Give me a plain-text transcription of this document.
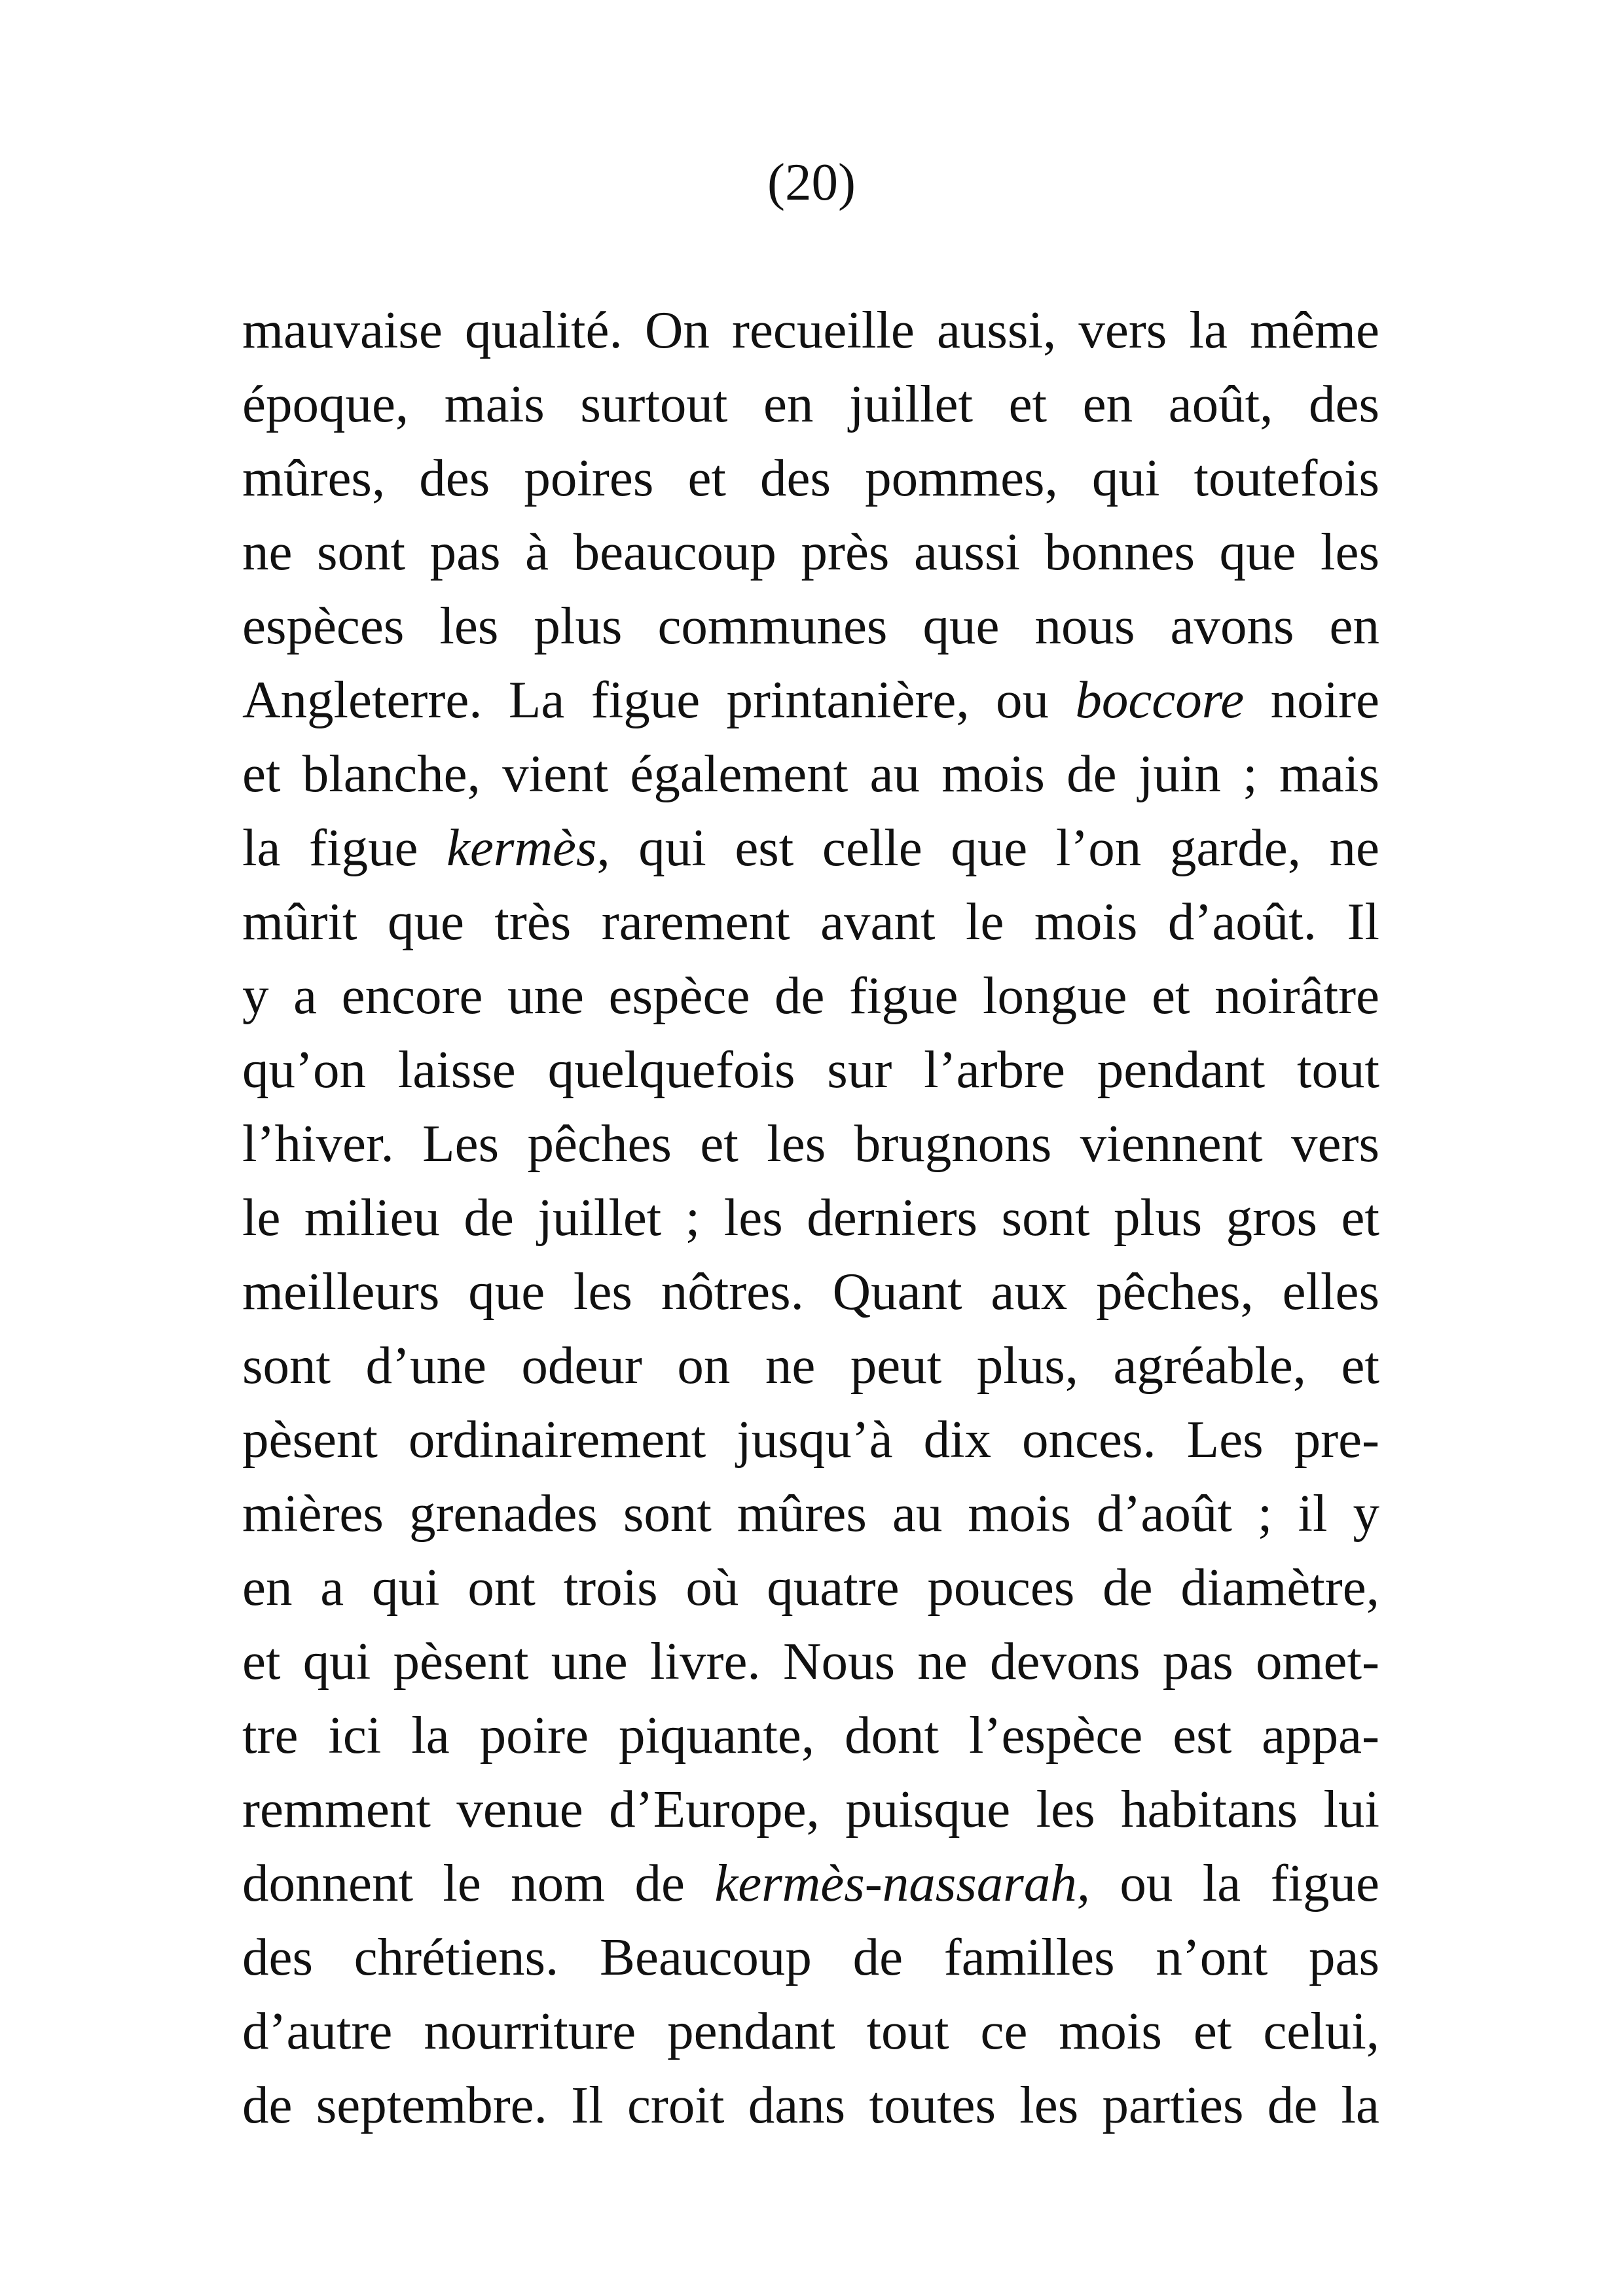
(20)
mauvaise qualité. On recueille aussi, vers la même
époque, mais surtout en juillet et en août, des
mûres, des poires et des pommes, qui toutefois
ne sont pas à beaucoup près aussi bonnes que les
espèces les plus communes que nous avons en
Angleterre. La figue printanière, ou boccore noire
et blanche, vient également au mois de juin ; mais
la figue kermès, qui est celle que l’on garde, ne
mûrit que très rarement avant le mois d’août. Il
y a encore une espèce de figue longue et noirâtre
qu’on laisse quelquefois sur l’arbre pendant tout
l’hiver. Les pêches et les brugnons viennent vers
le milieu de juillet ; les derniers sont plus gros et
meilleurs que les nôtres. Quant aux pêches, elles
sont d’une odeur on ne peut plus, agréable, et
pèsent ordinairement jusqu’à dix onces. Les pre-
mières grenades sont mûres au mois d’août ; il y
en a qui ont trois où quatre pouces de diamètre,
et qui pèsent une livre. Nous ne devons pas omet-
tre ici la poire piquante, dont l’espèce est appa-
remment venue d’Europe, puisque les habitans lui
donnent le nom de kermès-nassarah, ou la figue
des chrétiens. Beaucoup de familles n’ont pas
d’autre nourriture pendant tout ce mois et celui,
de septembre. Il croit dans toutes les parties de la
